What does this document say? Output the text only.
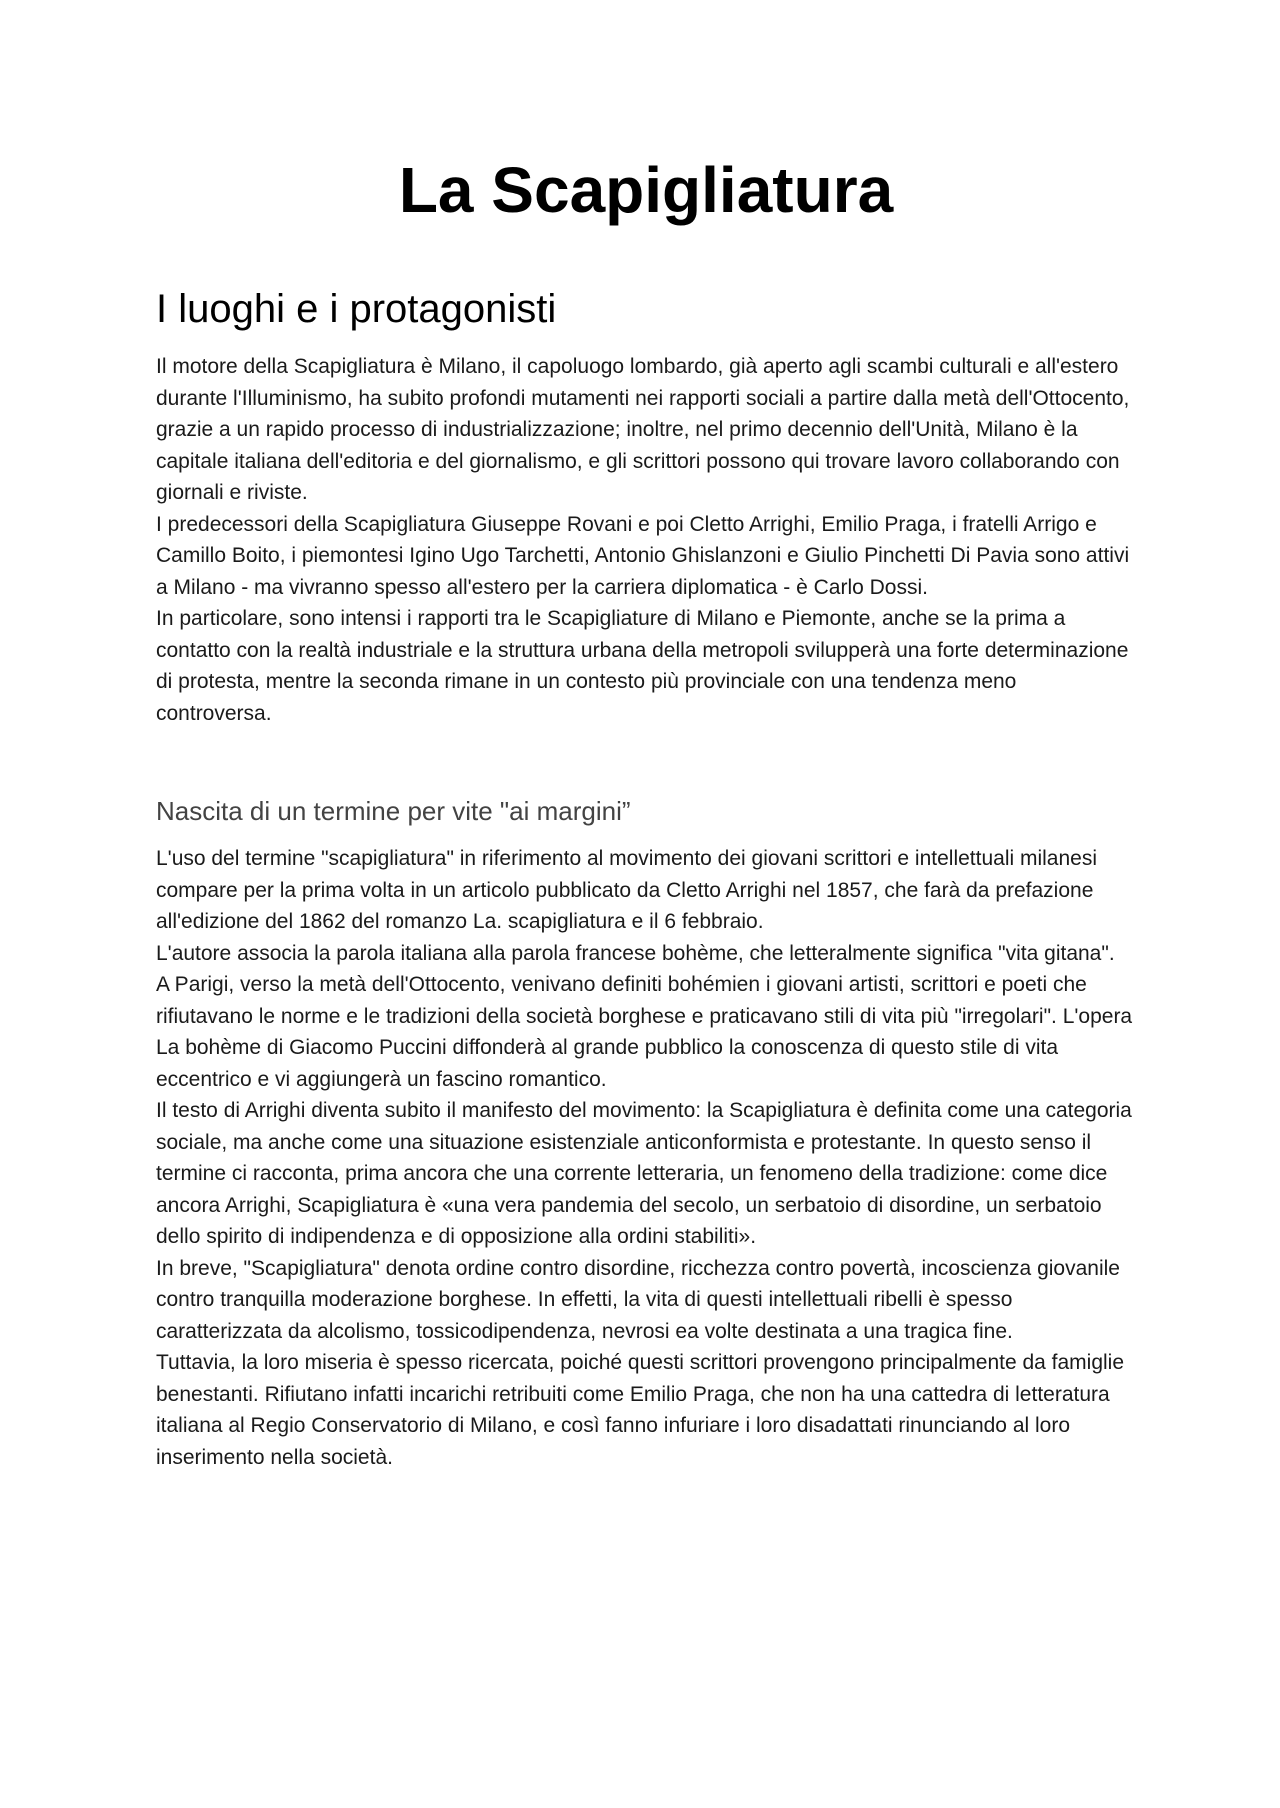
La Scapigliatura
I luoghi e i protagonisti

Il motore della Scapigliatura è Milano, il capoluogo lombardo, già aperto agli scambi culturali e all'estero durante l'Illuminismo, ha subito profondi mutamenti nei rapporti sociali a partire dalla metà dell'Ottocento, grazie a un rapido processo di industrializzazione; inoltre, nel primo decennio dell'Unità, Milano è la capitale italiana dell'editoria e del giornalismo, e gli scrittori possono qui trovare lavoro collaborando con giornali e riviste.

I predecessori della Scapigliatura Giuseppe Rovani e poi Cletto Arrighi, Emilio Praga, i fratelli Arrigo e Camillo Boito, i piemontesi Igino Ugo Tarchetti, Antonio Ghislanzoni e Giulio Pinchetti Di Pavia sono attivi a Milano - ma vivranno spesso all'estero per la carriera diplomatica - è Carlo Dossi.

In particolare, sono intensi i rapporti tra le Scapigliature di Milano e Piemonte, anche se la prima a contatto con la realtà industriale e la struttura urbana della metropoli svilupperà una forte determinazione di protesta, mentre la seconda rimane in un contesto più provinciale con una tendenza meno controversa.

Nascita di un termine per vite "ai margini”

L'uso del termine "scapigliatura" in riferimento al movimento dei giovani scrittori e intellettuali milanesi compare per la prima volta in un articolo pubblicato da Cletto Arrighi nel 1857, che farà da prefazione all'edizione del 1862 del romanzo La. scapigliatura e il 6 febbraio.

L'autore associa la parola italiana alla parola francese bohème, che letteralmente significa "vita gitana".

A Parigi, verso la metà dell'Ottocento, venivano definiti bohémien i giovani artisti, scrittori e poeti che rifiutavano le norme e le tradizioni della società borghese e praticavano stili di vita più "irregolari". L'opera La bohème di Giacomo Puccini diffonderà al grande pubblico la conoscenza di questo stile di vita eccentrico e vi aggiungerà un fascino romantico.

Il testo di Arrighi diventa subito il manifesto del movimento: la Scapigliatura è definita come una categoria sociale, ma anche come una situazione esistenziale anticonformista e protestante. In questo senso il termine ci racconta, prima ancora che una corrente letteraria, un fenomeno della tradizione: come dice ancora Arrighi, Scapigliatura è «una vera pandemia del secolo, un serbatoio di disordine, un serbatoio dello spirito di indipendenza e di opposizione alla ordini stabiliti».

In breve, "Scapigliatura" denota ordine contro disordine, ricchezza contro povertà, incoscienza giovanile contro tranquilla moderazione borghese. In effetti, la vita di questi intellettuali ribelli è spesso caratterizzata da alcolismo, tossicodipendenza, nevrosi ea volte destinata a una tragica fine.

Tuttavia, la loro miseria è spesso ricercata, poiché questi scrittori provengono principalmente da famiglie benestanti. Rifiutano infatti incarichi retribuiti come Emilio Praga, che non ha una cattedra di letteratura italiana al Regio Conservatorio di Milano, e così fanno infuriare i loro disadattati rinunciando al loro inserimento nella società.
